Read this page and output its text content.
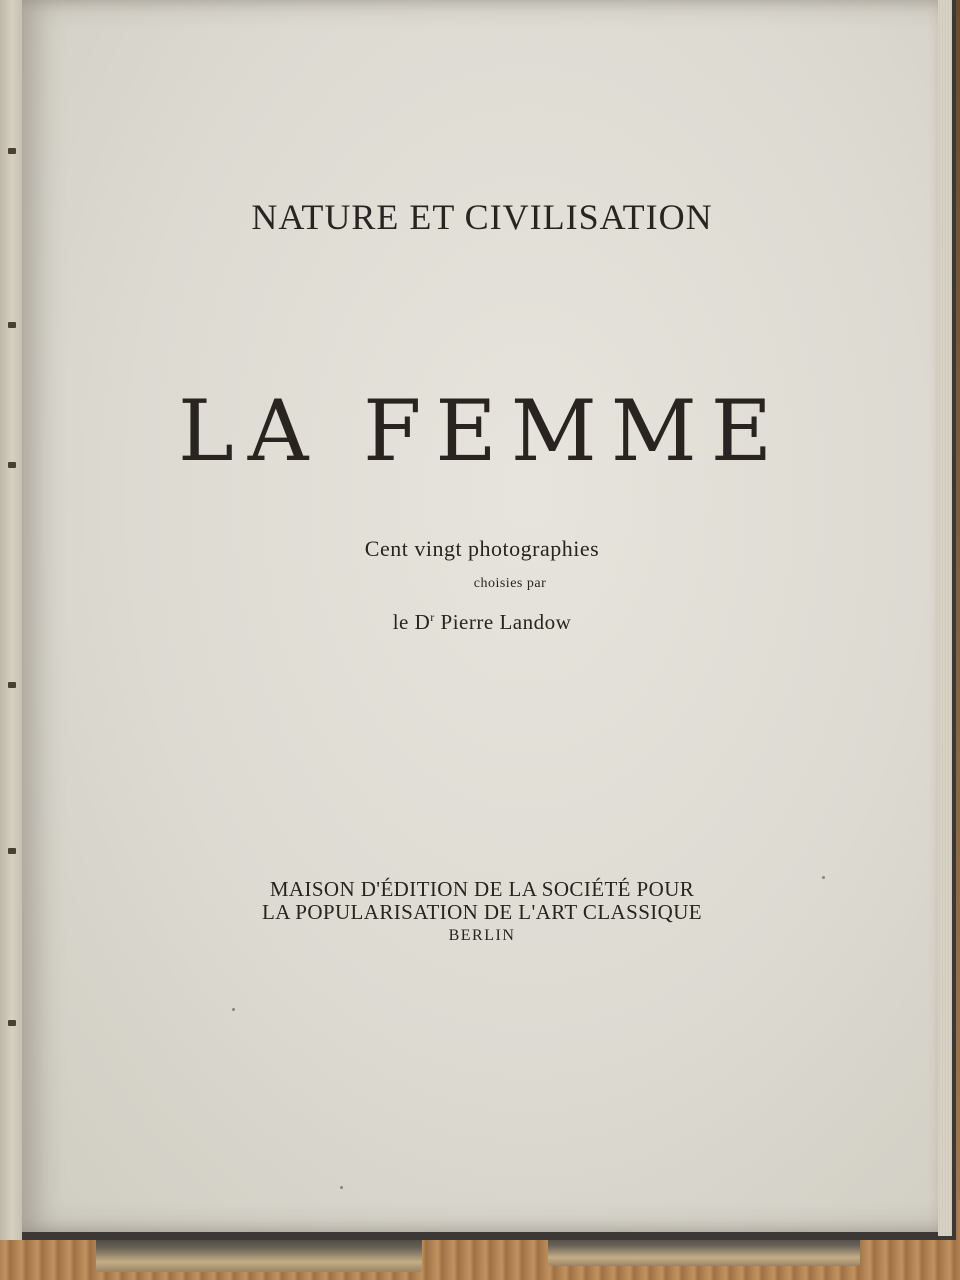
NATURE ET CIVILISATION
LA FEMME
Cent vingt photographies
choisies par
le $D^r$ Pierre Landow
MAISON D'ÉDITION DE LA SOCIÉTÉ POUR
LA POPULARISATION DE L'ART CLASSIQUE
BERLIN
